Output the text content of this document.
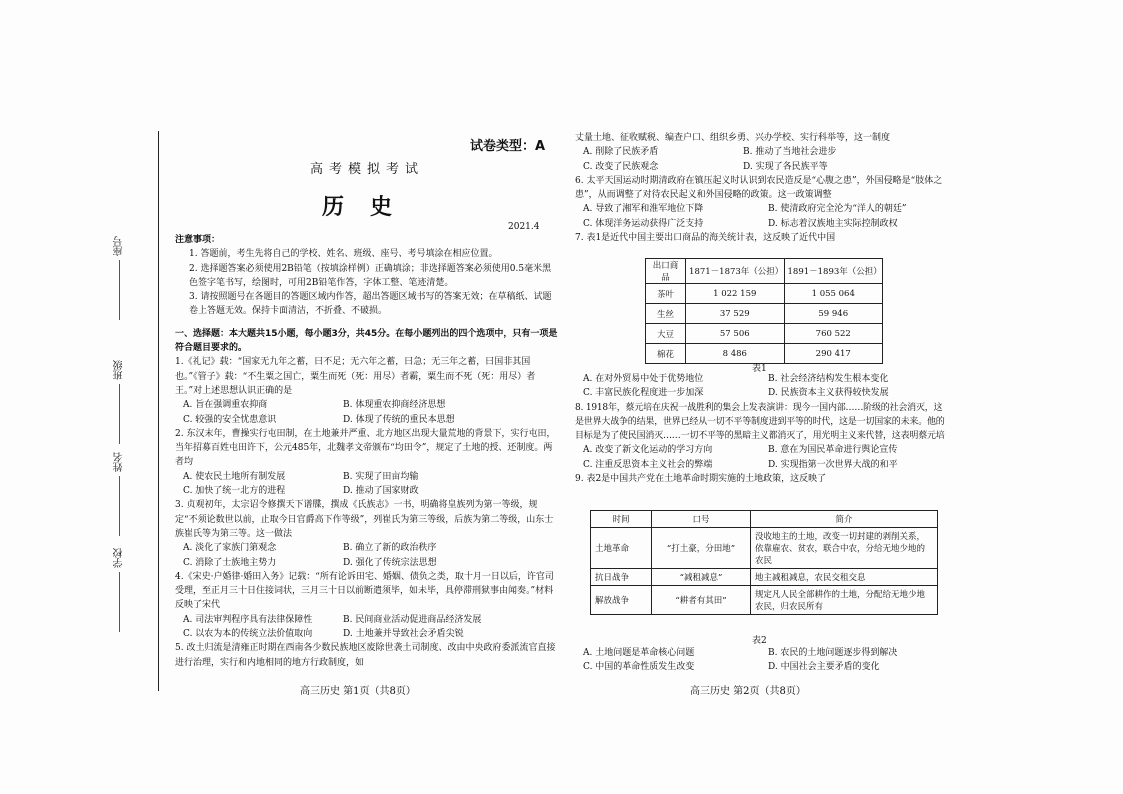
座号
班级
姓名
学校
试卷类型：A
高考模拟考试
历史
2021.4

注意事项：

1. 答题前，考生先将自己的学校、姓名、班级、座号、考号填涂在相应位置。

2. 选择题答案必须使用2B铅笔（按填涂样例）正确填涂；非选择题答案必须使用0.5毫米黑色签字笔书写，绘图时，可用2B铅笔作答，字体工整、笔迹清楚。

3. 请按照题号在各题目的答题区域内作答，超出答题区域书写的答案无效；在草稿纸、试题卷上答题无效。保持卡面清洁，不折叠、不破损。

一、选择题：本大题共15小题，每小题3分，共45分。在每小题列出的四个选项中，只有一项是符合题目要求的。

1.《礼记》载：“国家无九年之蓄，曰不足；无六年之蓄，曰急；无三年之蓄，曰国非其国也。”《管子》载：“不生粟之国亡，粟生而死（死：用尽）者霸，粟生而不死（死：用尽）者王。”对上述思想认识正确的是

A. 旨在强调重农抑商	B. 体现重农抑商经济思想
C. 较强的安全忧患意识	D. 体现了传统的重民本思想

2. 东汉末年，曹操实行屯田制，在土地兼并严重、北方地区出现大量荒地的背景下，实行屯田，当年招募百姓屯田许下，公元485年，北魏孝文帝颁布“均田令”，规定了土地的授、还制度。两者均

A. 使农民土地所有制发展	B. 实现了田亩均输
C. 加快了统一北方的进程	D. 推动了国家财政

3. 贞观初年，太宗诏令修撰天下谱牒，撰成《氏族志》一书，明确将皇族列为第一等级，规定“不须论数世以前，止取今日官爵高下作等级”，列崔氏为第三等级，后族为第二等级，山东士族崔氏等为第三等。这一做法

A. 淡化了家族门第观念	B. 确立了新的政治秩序
C. 消除了士族地主势力	D. 强化了传统宗法思想

4.《宋史·户婚律·婚田入务》记载：“所有论诉田宅、婚姻、债负之类，取十月一日以后，许官司受理，至正月三十日住接词状，三月三十日以前断遣须毕，如未毕，具停滞刑狱事由闻奏。”材料反映了宋代

A. 司法审判程序具有法律保障性	B. 民间商业活动促进商品经济发展
C. 以农为本的传统立法价值取向	D. 土地兼并导致社会矛盾尖锐

5. 改土归流是清雍正时期在西南各少数民族地区废除世袭土司制度、改由中央政府委派流官直接进行治理，实行和内地相同的地方行政制度，如

高三历史 第1页（共8页）

丈量土地、征收赋税、编查户口、组织乡勇、兴办学校、实行科举等，这一制度

A. 削除了民族矛盾	B. 推动了当地社会进步
C. 改变了民族观念	D. 实现了各民族平等

6. 太平天国运动时期清政府在镇压起义时认识到农民造反是“心腹之患”，外国侵略是“肢体之患”，从而调整了对待农民起义和外国侵略的政策。这一政策调整

A. 导致了湘军和淮军地位下降	B. 使清政府完全沦为“洋人的朝廷”
C. 体现洋务运动获得广泛支持	D. 标志着汉族地主实际控制政权

7. 表1是近代中国主要出口商品的海关统计表，这反映了近代中国

出口商品	1871－1873年（公担）	1891－1893年（公担）
茶叶	1 022 159	1 055 064
生丝	37 529	59 946
大豆	57 506	760 522
棉花	8 486	290 417
表1
A. 在对外贸易中处于优势地位	B. 社会经济结构发生根本变化
C. 丰富民族化程度进一步加深	D. 民族资本主义获得较快发展

8. 1918年，蔡元培在庆祝一战胜利的集会上发表演讲：现今一国内部……阶级的社会消灭，这是世界大战争的结果，世界已经从一切不平等制度进到平等的时代，这是一切国家的未来。他的目标是为了使民国消灭……一切不平等的黑暗主义都消灭了，用光明主义来代替，这表明蔡元培

A. 改变了新文化运动的学习方向	B. 意在为国民革命进行舆论宣传
C. 注重反思资本主义社会的弊端	D. 实现指第一次世界大战的和平

9. 表2是中国共产党在土地革命时期实施的土地政策，这反映了

时间	口号	简介
土地革命	“打土豪，分田地”	没收地主的土地，改变一切封建的剥削关系，依靠雇农、贫农，联合中农，分给无地少地的农民
抗日战争	“减租减息”	地主减租减息，农民交租交息
解放战争	“耕者有其田”	规定凡人民全部耕作的土地，分配给无地少地农民，归农民所有
表2
A. 土地问题是革命核心问题	B. 农民的土地问题逐步得到解决
C. 中国的革命性质发生改变	D. 中国社会主要矛盾的变化
高三历史 第2页（共8页）
